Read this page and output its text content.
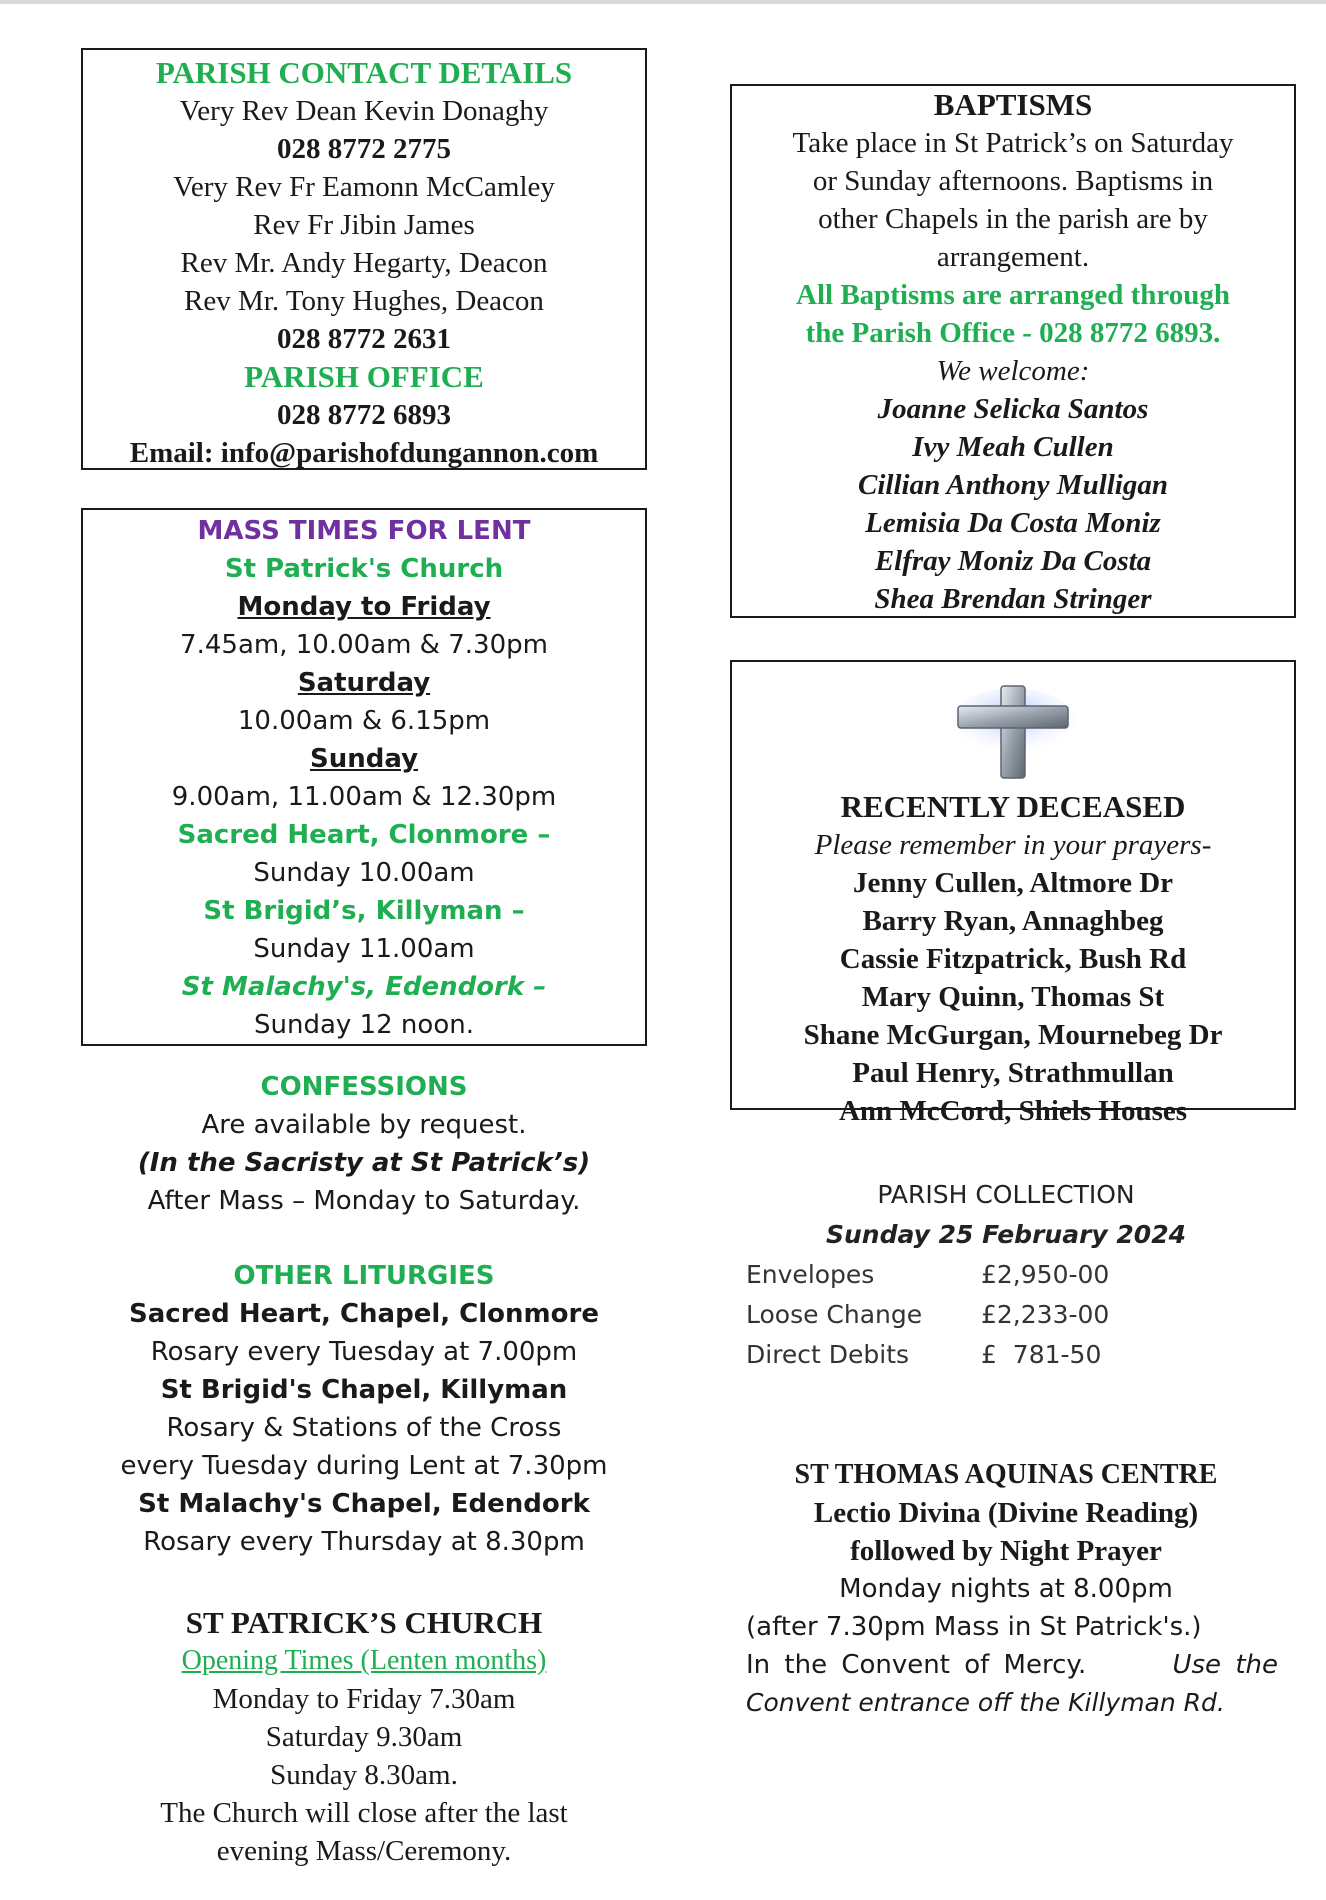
PARISH CONTACT DETAILS
Very Rev Dean Kevin Donaghy
028 8772 2775
Very Rev Fr Eamonn McCamley
Rev Fr Jibin James
Rev Mr. Andy Hegarty, Deacon
Rev Mr. Tony Hughes, Deacon
028 8772 2631
PARISH OFFICE
028 8772 6893
Email: info@parishofdungannon.com
MASS TIMES FOR LENT
St Patrick's Church
Monday to Friday
7.45am, 10.00am & 7.30pm
Saturday
10.00am & 6.15pm
Sunday
9.00am, 11.00am & 12.30pm
Sacred Heart, Clonmore –
Sunday 10.00am
St Brigid’s, Killyman –
Sunday 11.00am
St Malachy's, Edendork –
Sunday 12 noon.
CONFESSIONS
Are available by request.
(In the Sacristy at St Patrick’s)
After Mass – Monday to Saturday.
OTHER LITURGIES
Sacred Heart, Chapel, Clonmore
Rosary every Tuesday at 7.00pm
St Brigid's Chapel, Killyman
Rosary & Stations of the Cross
every Tuesday during Lent at 7.30pm
St Malachy's Chapel, Edendork
Rosary every Thursday at 8.30pm
ST PATRICK’S CHURCH
Opening Times (Lenten months)
Monday to Friday 7.30am
Saturday 9.30am
Sunday 8.30am.
The Church will close after the last
evening Mass/Ceremony.
BAPTISMS
Take place in St Patrick’s on Saturday
or Sunday afternoons. Baptisms in
other Chapels in the parish are by
arrangement.
All Baptisms are arranged through
the Parish Office - 028 8772 6893.
We welcome:
Joanne Selicka Santos
Ivy Meah Cullen
Cillian Anthony Mulligan
Lemisia Da Costa Moniz
Elfray Moniz Da Costa
Shea Brendan Stringer
RECENTLY DECEASED
Please remember in your prayers-
Jenny Cullen, Altmore Dr
Barry Ryan, Annaghbeg
Cassie Fitzpatrick, Bush Rd
Mary Quinn, Thomas St
Shane McGurgan, Mournebeg Dr
Paul Henry, Strathmullan
Ann McCord, Shiels Houses
PARISH COLLECTION
Sunday 25 February 2024
Envelopes	£2,950-00
Loose Change	£2,233-00
Direct Debits	£  781-50
ST THOMAS AQUINAS CENTRE
Lectio Divina (Divine Reading)
followed by Night Prayer
Monday nights at 8.00pm
(after 7.30pm Mass in St Patrick's.)
In the Convent of Mercy.	Use the
Convent entrance off the Killyman Rd.
